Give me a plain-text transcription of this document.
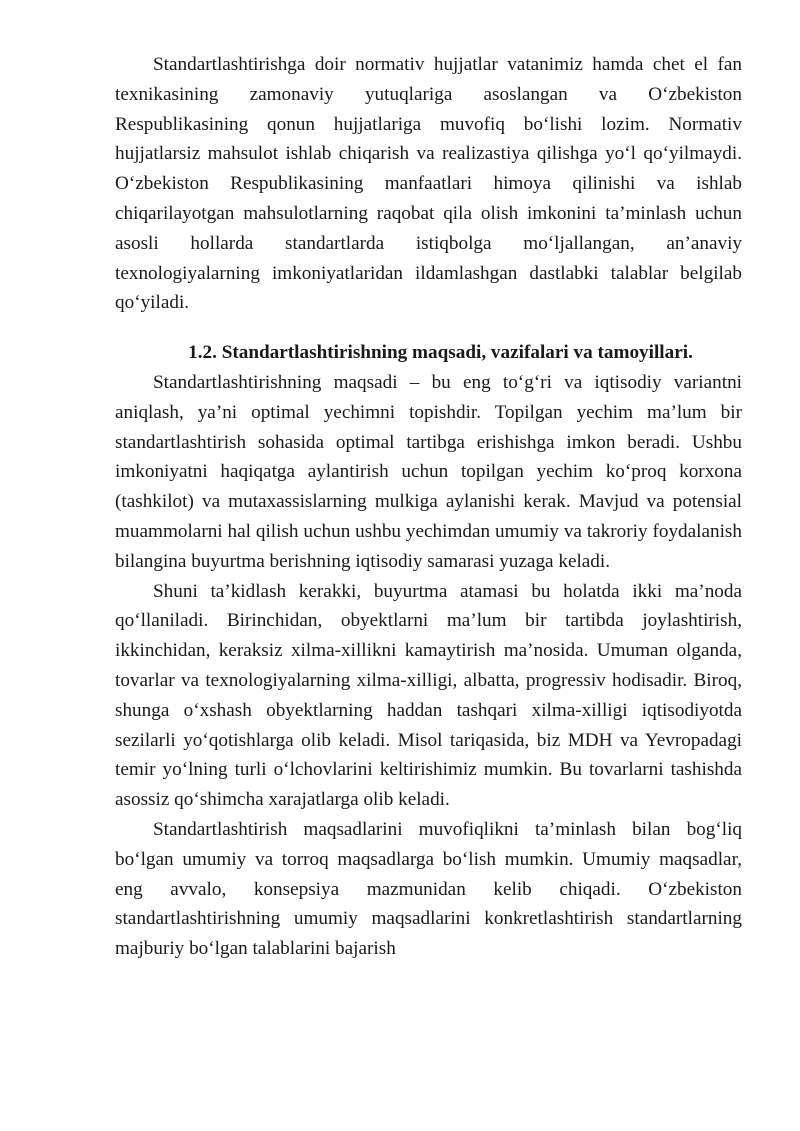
Standartlashtirishga doir normativ hujjatlar vatanimiz hamda chet el fan texnikasining zamonaviy yutuqlariga asoslangan va O‘zbekiston Respublikasining qonun hujjatlariga muvofiq bo‘lishi lozim. Normativ hujjatlarsiz mahsulot ishlab chiqarish va realizastiya qilishga yo‘l qo‘yilmaydi. O‘zbekiston Respublikasining manfaatlari himoya qilinishi va ishlab chiqarilayotgan mahsulotlarning raqobat qila olish imkonini ta’minlash uchun asosli hollarda standartlarda istiqbolga mo‘ljallangan, an’anaviy texnologiyalarning imkoniyatlaridan ildamlashgan dastlabki talablar belgilab qo‘yiladi.

1.2. Standartlashtirishning maqsadi, vazifalari va tamoyillari.

Standartlashtirishning maqsadi – bu eng to‘g‘ri va iqtisodiy variantni aniqlash, ya’ni optimal yechimni topishdir. Topilgan yechim ma’lum bir standartlashtirish sohasida optimal tartibga erishishga imkon beradi. Ushbu imkoniyatni haqiqatga aylantirish uchun topilgan yechim ko‘proq korxona (tashkilot) va mutaxassislarning mulkiga aylanishi kerak. Mavjud va potensial muammolarni hal qilish uchun ushbu yechimdan umumiy va takroriy foydalanish bilangina buyurtma berishning iqtisodiy samarasi yuzaga keladi.

Shuni ta’kidlash kerakki, buyurtma atamasi bu holatda ikki ma’noda qo‘llaniladi. Birinchidan, obyektlarni ma’lum bir tartibda joylashtirish, ikkinchidan, keraksiz xilma-xillikni kamaytirish ma’nosida. Umuman olganda, tovarlar va texnologiyalarning xilma-xilligi, albatta, progressiv hodisadir. Biroq, shunga o‘xshash obyektlarning haddan tashqari xilma-xilligi iqtisodiyotda sezilarli yo‘qotishlarga olib keladi. Misol tariqasida, biz MDH va Yevropadagi temir yo‘lning turli o‘lchovlarini keltirishimiz mumkin. Bu tovarlarni tashishda asossiz qo‘shimcha xarajatlarga olib keladi.

Standartlashtirish maqsadlarini muvofiqlikni ta’minlash bilan bog‘liq bo‘lgan umumiy va torroq maqsadlarga bo‘lish mumkin. Umumiy maqsadlar, eng avvalo, konsepsiya mazmunidan kelib chiqadi. O‘zbekiston standartlashtirishning umumiy maqsadlarini konkretlashtirish standartlarning majburiy bo‘lgan talablarini bajarish
